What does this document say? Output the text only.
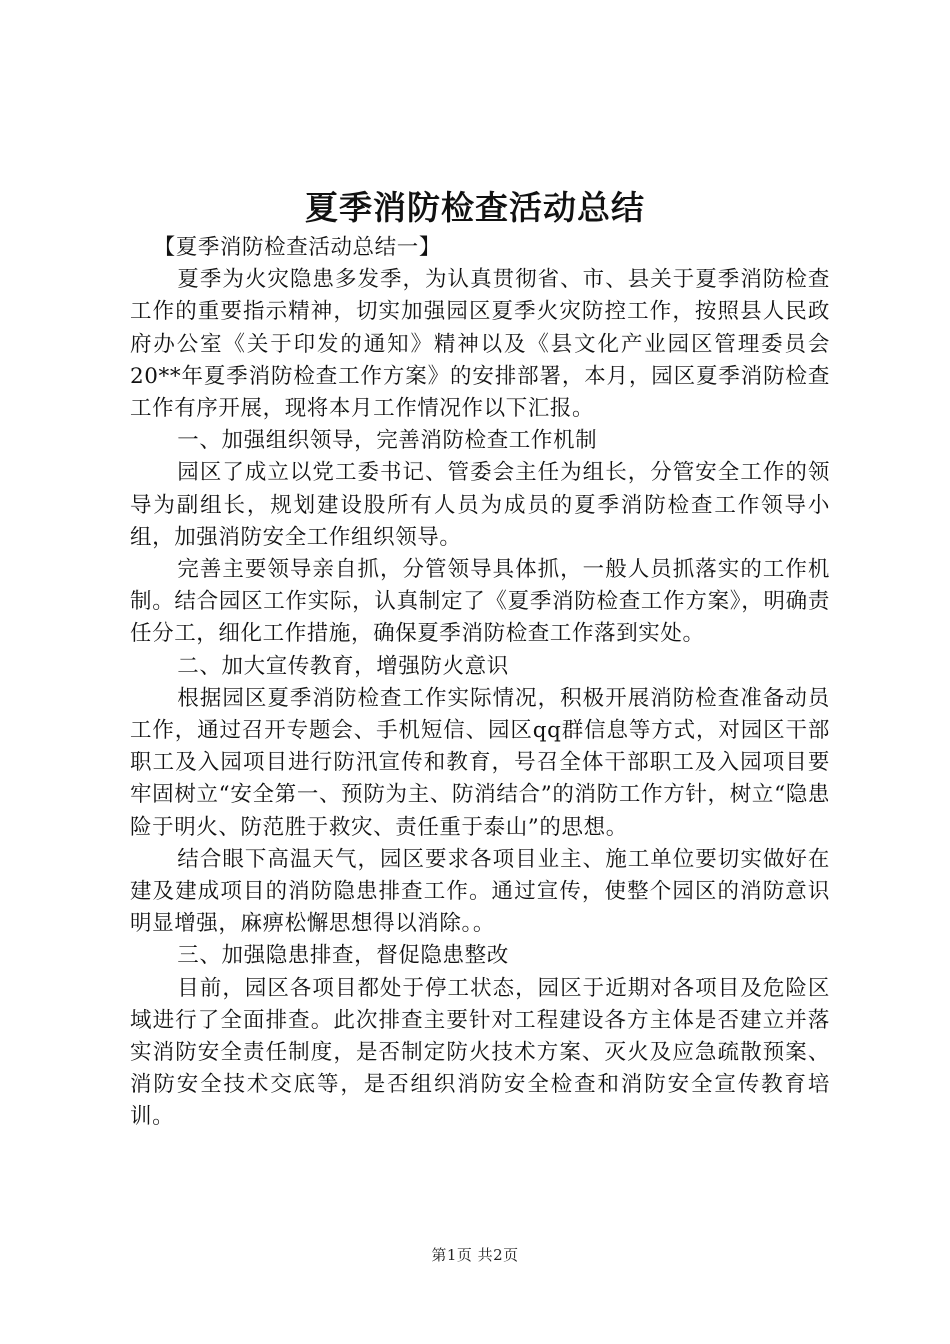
夏季消防检查活动总结

【夏季消防检查活动总结一】

夏季为火灾隐患多发季，为认真贯彻省、市、县关于夏季消防检查工作的重要指示精神，切实加强园区夏季火灾防控工作，按照县人民政府办公室《关于印发的通知》精神以及《县文化产业园区管理委员会20**年夏季消防检查工作方案》的安排部署，本月，园区夏季消防检查工作有序开展，现将本月工作情况作以下汇报。

一、加强组织领导，完善消防检查工作机制

园区了成立以党工委书记、管委会主任为组长，分管安全工作的领导为副组长，规划建设股所有人员为成员的夏季消防检查工作领导小组，加强消防安全工作组织领导。

完善主要领导亲自抓，分管领导具体抓，一般人员抓落实的工作机制。结合园区工作实际，认真制定了《夏季消防检查工作方案》，明确责任分工，细化工作措施，确保夏季消防检查工作落到实处。

二、加大宣传教育，增强防火意识

根据园区夏季消防检查工作实际情况，积极开展消防检查准备动员工作，通过召开专题会、手机短信、园区qq群信息等方式，对园区干部职工及入园项目进行防汛宣传和教育，号召全体干部职工及入园项目要牢固树立“安全第一、预防为主、防消结合”的消防工作方针，树立“隐患险于明火、防范胜于救灾、责任重于泰山”的思想。

结合眼下高温天气，园区要求各项目业主、施工单位要切实做好在建及建成项目的消防隐患排查工作。通过宣传，使整个园区的消防意识明显增强，麻痹松懈思想得以消除。。

三、加强隐患排查，督促隐患整改

目前，园区各项目都处于停工状态，园区于近期对各项目及危险区域进行了全面排查。此次排查主要针对工程建设各方主体是否建立并落实消防安全责任制度，是否制定防火技术方案、灭火及应急疏散预案、消防安全技术交底等，是否组织消防安全检查和消防安全宣传教育培训。

第1页 共2页
